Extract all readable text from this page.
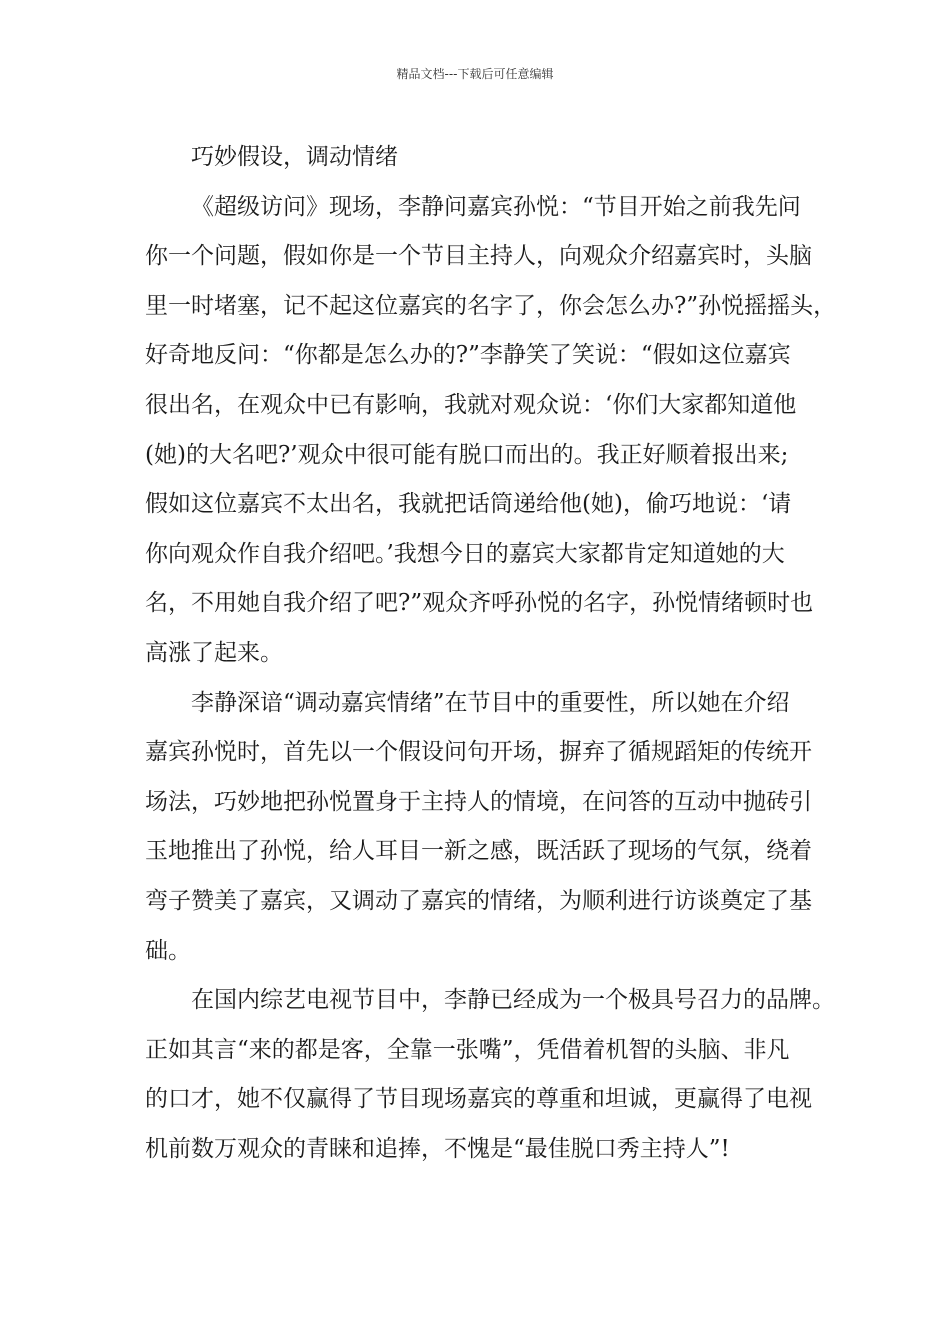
精品文档---下载后可任意编辑

巧妙假设，调动情绪

《超级访问》现场，李静问嘉宾孙悦：“节目开始之前我先问

你一个问题，假如你是一个节目主持人，向观众介绍嘉宾时，头脑
里一时堵塞，记不起这位嘉宾的名字了，你会怎么办?”孙悦摇摇头，
好奇地反问：“你都是怎么办的?”李静笑了笑说：“假如这位嘉宾
很出名，在观众中已有影响，我就对观众说：‘你们大家都知道他
(她)的大名吧?’观众中很可能有脱口而出的。我正好顺着报出来;
假如这位嘉宾不太出名，我就把话筒递给他(她)，偷巧地说：‘请
你向观众作自我介绍吧。’我想今日的嘉宾大家都肯定知道她的大
名，不用她自我介绍了吧?”观众齐呼孙悦的名字，孙悦情绪顿时也
高涨了起来。

李静深谙“调动嘉宾情绪”在节目中的重要性，所以她在介绍

嘉宾孙悦时，首先以一个假设问句开场，摒弃了循规蹈矩的传统开
场法，巧妙地把孙悦置身于主持人的情境，在问答的互动中抛砖引
玉地推出了孙悦，给人耳目一新之感，既活跃了现场的气氛，绕着
弯子赞美了嘉宾，又调动了嘉宾的情绪，为顺利进行访谈奠定了基
础。

在国内综艺电视节目中，李静已经成为一个极具号召力的品牌。

正如其言“来的都是客，全靠一张嘴”，凭借着机智的头脑、非凡
的口才，她不仅赢得了节目现场嘉宾的尊重和坦诚，更赢得了电视
机前数万观众的青睐和追捧，不愧是“最佳脱口秀主持人”!
